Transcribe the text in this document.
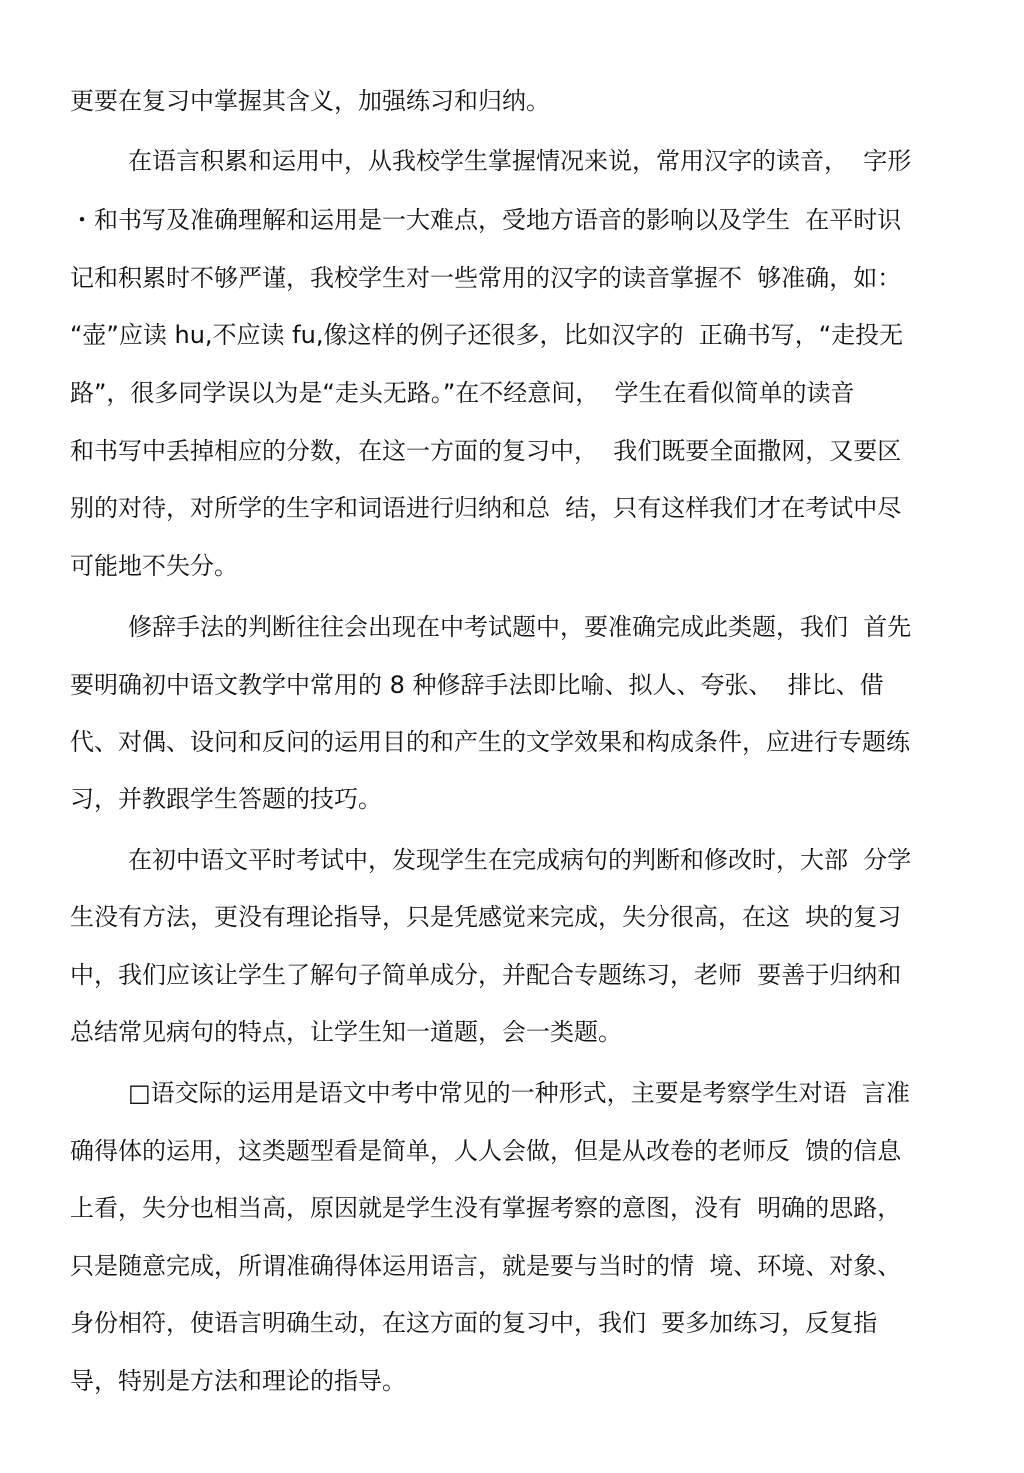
更要在复习中掌握其含义，加强练习和归纳。
在语言积累和运用中，从我校学生掌握情况来说，常用汉字的读音，  字形
・和书写及准确理解和运用是一大难点，受地方语音的影响以及学生  在平时识
记和积累时不够严谨，我校学生对一些常用的汉字的读音掌握不  够准确，如：
“壶”应读 hu,不应读 fu,像这样的例子还很多，比如汉字的  正确书写，“走投无
路”，很多同学误以为是“走头无路。”在不经意间，  学生在看似简单的读音
和书写中丢掉相应的分数，在这一方面的复习中，  我们既要全面撒网，又要区
别的对待，对所学的生字和词语进行归纳和总  结，只有这样我们才在考试中尽
可能地不失分。
修辞手法的判断往往会出现在中考试题中，要准确完成此类题，我们  首先
要明确初中语文教学中常用的 8 种修辞手法即比喻、拟人、夸张、  排比、借
代、对偶、设问和反问的运用目的和产生的文学效果和构成条件，应进行专题练
习，并教跟学生答题的技巧。
在初中语文平时考试中，发现学生在完成病句的判断和修改时，大部  分学
生没有方法，更没有理论指导，只是凭感觉来完成，失分很高，在这  块的复习
中，我们应该让学生了解句子简单成分，并配合专题练习，老师  要善于归纳和
总结常见病句的特点，让学生知一道题，会一类题。
□语交际的运用是语文中考中常见的一种形式，主要是考察学生对语  言准
确得体的运用，这类题型看是简单，人人会做，但是从改卷的老师反  馈的信息
上看，失分也相当高，原因就是学生没有掌握考察的意图，没有  明确的思路，
只是随意完成，所谓准确得体运用语言，就是要与当时的情  境、环境、对象、
身份相符，使语言明确生动，在这方面的复习中，我们  要多加练习，反复指
导，特别是方法和理论的指导。
